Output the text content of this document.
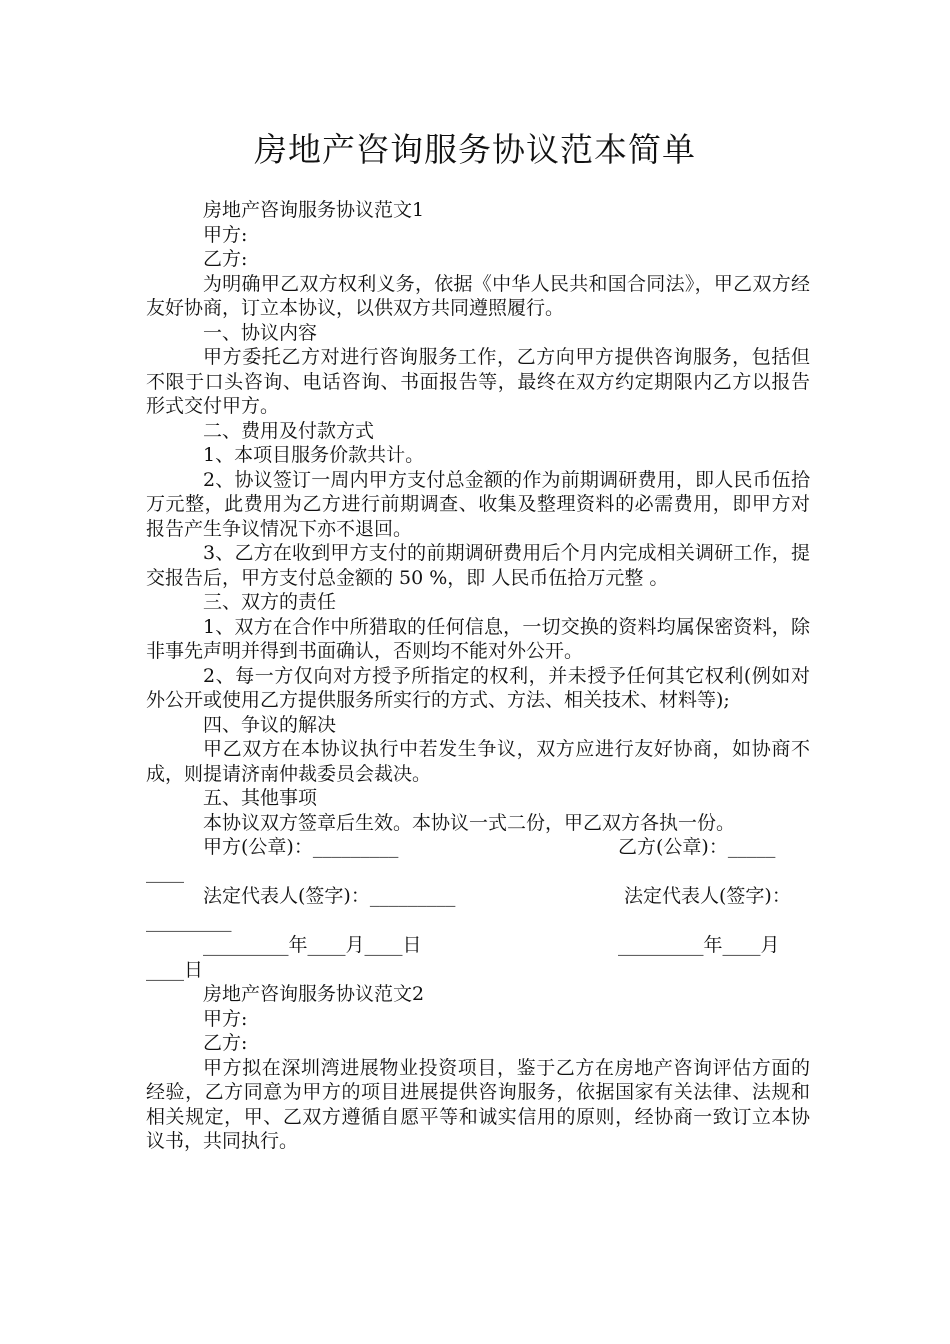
房地产咨询服务协议范本简单

房地产咨询服务协议范文1

甲方:

乙方:

为明确甲乙双方权利义务，依据《中华人民共和国合同法》，甲乙双方经友好协商，订立本协议，以供双方共同遵照履行。

一、协议内容

甲方委托乙方对进行咨询服务工作，乙方向甲方提供咨询服务，包括但不限于口头咨询、电话咨询、书面报告等，最终在双方约定期限内乙方以报告形式交付甲方。

二、费用及付款方式

1、本项目服务价款共计。

2、协议签订一周内甲方支付总金额的作为前期调研费用，即人民币伍拾万元整，此费用为乙方进行前期调查、收集及整理资料的必需费用，即甲方对报告产生争议情况下亦不退回。

3、乙方在收到甲方支付的前期调研费用后个月内完成相关调研工作，提交报告后，甲方支付总金额的 50 %，即 人民币伍拾万元整 。

三、双方的责任

1、双方在合作中所猎取的任何信息，一切交换的资料均属保密资料，除非事先声明并得到书面确认，否则均不能对外公开。

2、每一方仅向对方授予所指定的权利，并未授予任何其它权利(例如对外公开或使用乙方提供服务所实行的方式、方法、相关技术、材料等);

四、争议的解决

甲乙双方在本协议执行中若发生争议，双方应进行友好协商，如协商不成，则提请济南仲裁委员会裁决。

五、其他事项

本协议双方签章后生效。本协议一式二份，甲乙双方各执一份。

甲方(公章)：_________	乙方(公章)：_____
____
法定代表人(签字)：_________	法定代表人(签字)：
_________
_________年____月____日	_________年____月
____日

房地产咨询服务协议范文2

甲方:

乙方:

甲方拟在深圳湾进展物业投资项目，鉴于乙方在房地产咨询评估方面的经验，乙方同意为甲方的项目进展提供咨询服务，依据国家有关法律、法规和相关规定，甲、乙双方遵循自愿平等和诚实信用的原则，经协商一致订立本协议书，共同执行。
